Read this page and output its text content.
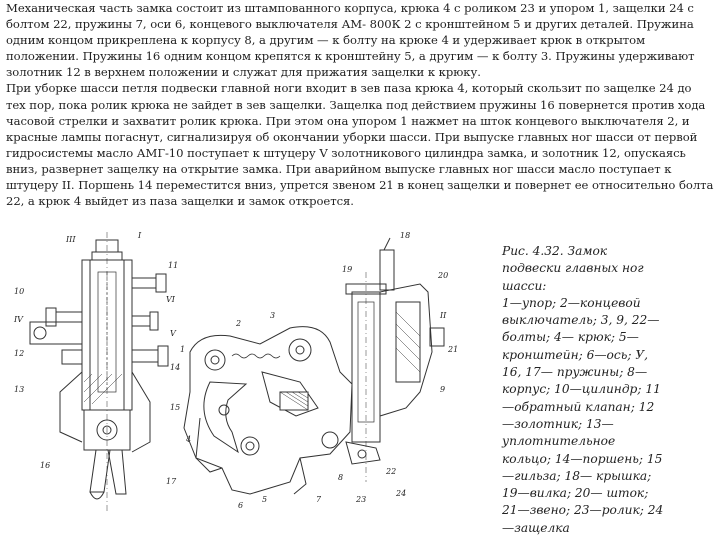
Механическая часть замка состоит из штампованного корпуса, крюка 4 с роликом 23 и упором 1, защелки 24 с болтом 22, пружины 7, оси 6, концевого выключателя АМ- 800К 2 с кронштейном 5 и других деталей. Пружина одним концом прикреплена к корпусу 8, а другим — к болту на крюке 4 и удерживает крюк в открытом положении. Пружины 16 одним концом крепятся к кронштейну 5, а другим — к болту 3. Пружины удерживают золотник 12 в верхнем положении и служат для прижатия защелки к крюку.

При уборке шасси петля подвески главной ноги входит в зев паза крюка 4, который скользит по защелке 24 до тех пор, пока ролик крюка не зайдет в зев защелки. Защелка под действием пружины 16 повернется против хода часовой стрелки и захватит ролик крюка. При этом она упором 1 нажмет на шток концевого выключателя 2, и красные лампы погаснут, сигнализируя об окончании уборки шасси. При выпуске главных ног шасси от первой гидросистемы масло АМГ-10 поступает к штуцеру V золотникового цилиндра замка, и золотник 12, опускаясь вниз, развернет защелку на открытие замка. При аварийном выпуске главных ног шасси масло поступает к штуцеру II. Поршень 14 переместится вниз, упрется звеном 21 в конец защелки и повернет ее относительно болта 22, а крюк 4 выйдет из паза защелки и замок откроется.

III	I
11
10
VI
IV
V
12
14
13
15
16
17
1
2
3
4
5
6
7
8
18
19
20
II
21
9
22
23
24

Рис. 4.32. Замок

подвески главных ног

шасси:

1—упор; 2—концевой

выключатель; 3, 9, 22—

болты; 4— крюк; 5—

кронштейн; 6—ось; У,

16, 17— пружины; 8—

корпус; 10—цилиндр; 11

—обратный клапан; 12

—золотник; 13—

уплотнительное

кольцо; 14—поршень; 15

—гильза; 18— крышка;

19—вилка; 20— шток;

21—звено; 23—ролик; 24

—защелка
